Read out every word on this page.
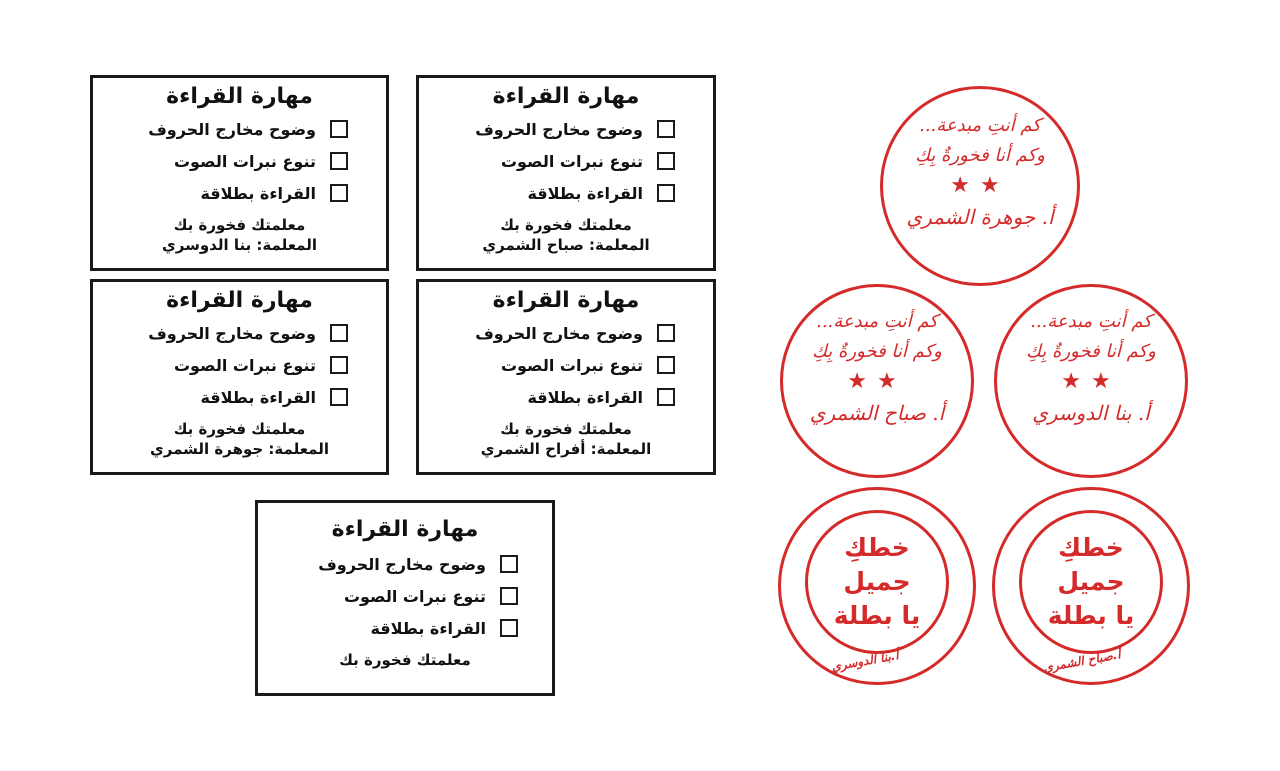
مهارة القراءة
وضوح مخارج الحروف
تنوع نبرات الصوت
القراءة بطلاقة
معلمتك فخورة بك
المعلمة: صباح الشمري
مهارة القراءة
وضوح مخارج الحروف
تنوع نبرات الصوت
القراءة بطلاقة
معلمتك فخورة بك
المعلمة: بنا الدوسري
مهارة القراءة
وضوح مخارج الحروف
تنوع نبرات الصوت
القراءة بطلاقة
معلمتك فخورة بك
المعلمة: أفراح الشمري
مهارة القراءة
وضوح مخارج الحروف
تنوع نبرات الصوت
القراءة بطلاقة
معلمتك فخورة بك
المعلمة: جوهرة الشمري
مهارة القراءة
وضوح مخارج الحروف
تنوع نبرات الصوت
القراءة بطلاقة
معلمتك فخورة بك
كم أنتِ مبدعة...
وكم أنا فخورةٌ بِكِ
★★
أ. جوهرة الشمري
كم أنتِ مبدعة...
وكم أنا فخورةٌ بِكِ
★★
أ. صباح الشمري
كم أنتِ مبدعة...
وكم أنا فخورةٌ بِكِ
★★
أ. بنا الدوسري
خطكِ
جميل
يا بطلة
أ.بنا الدوسري
خطكِ
جميل
يا بطلة
أ.صباح الشمري
